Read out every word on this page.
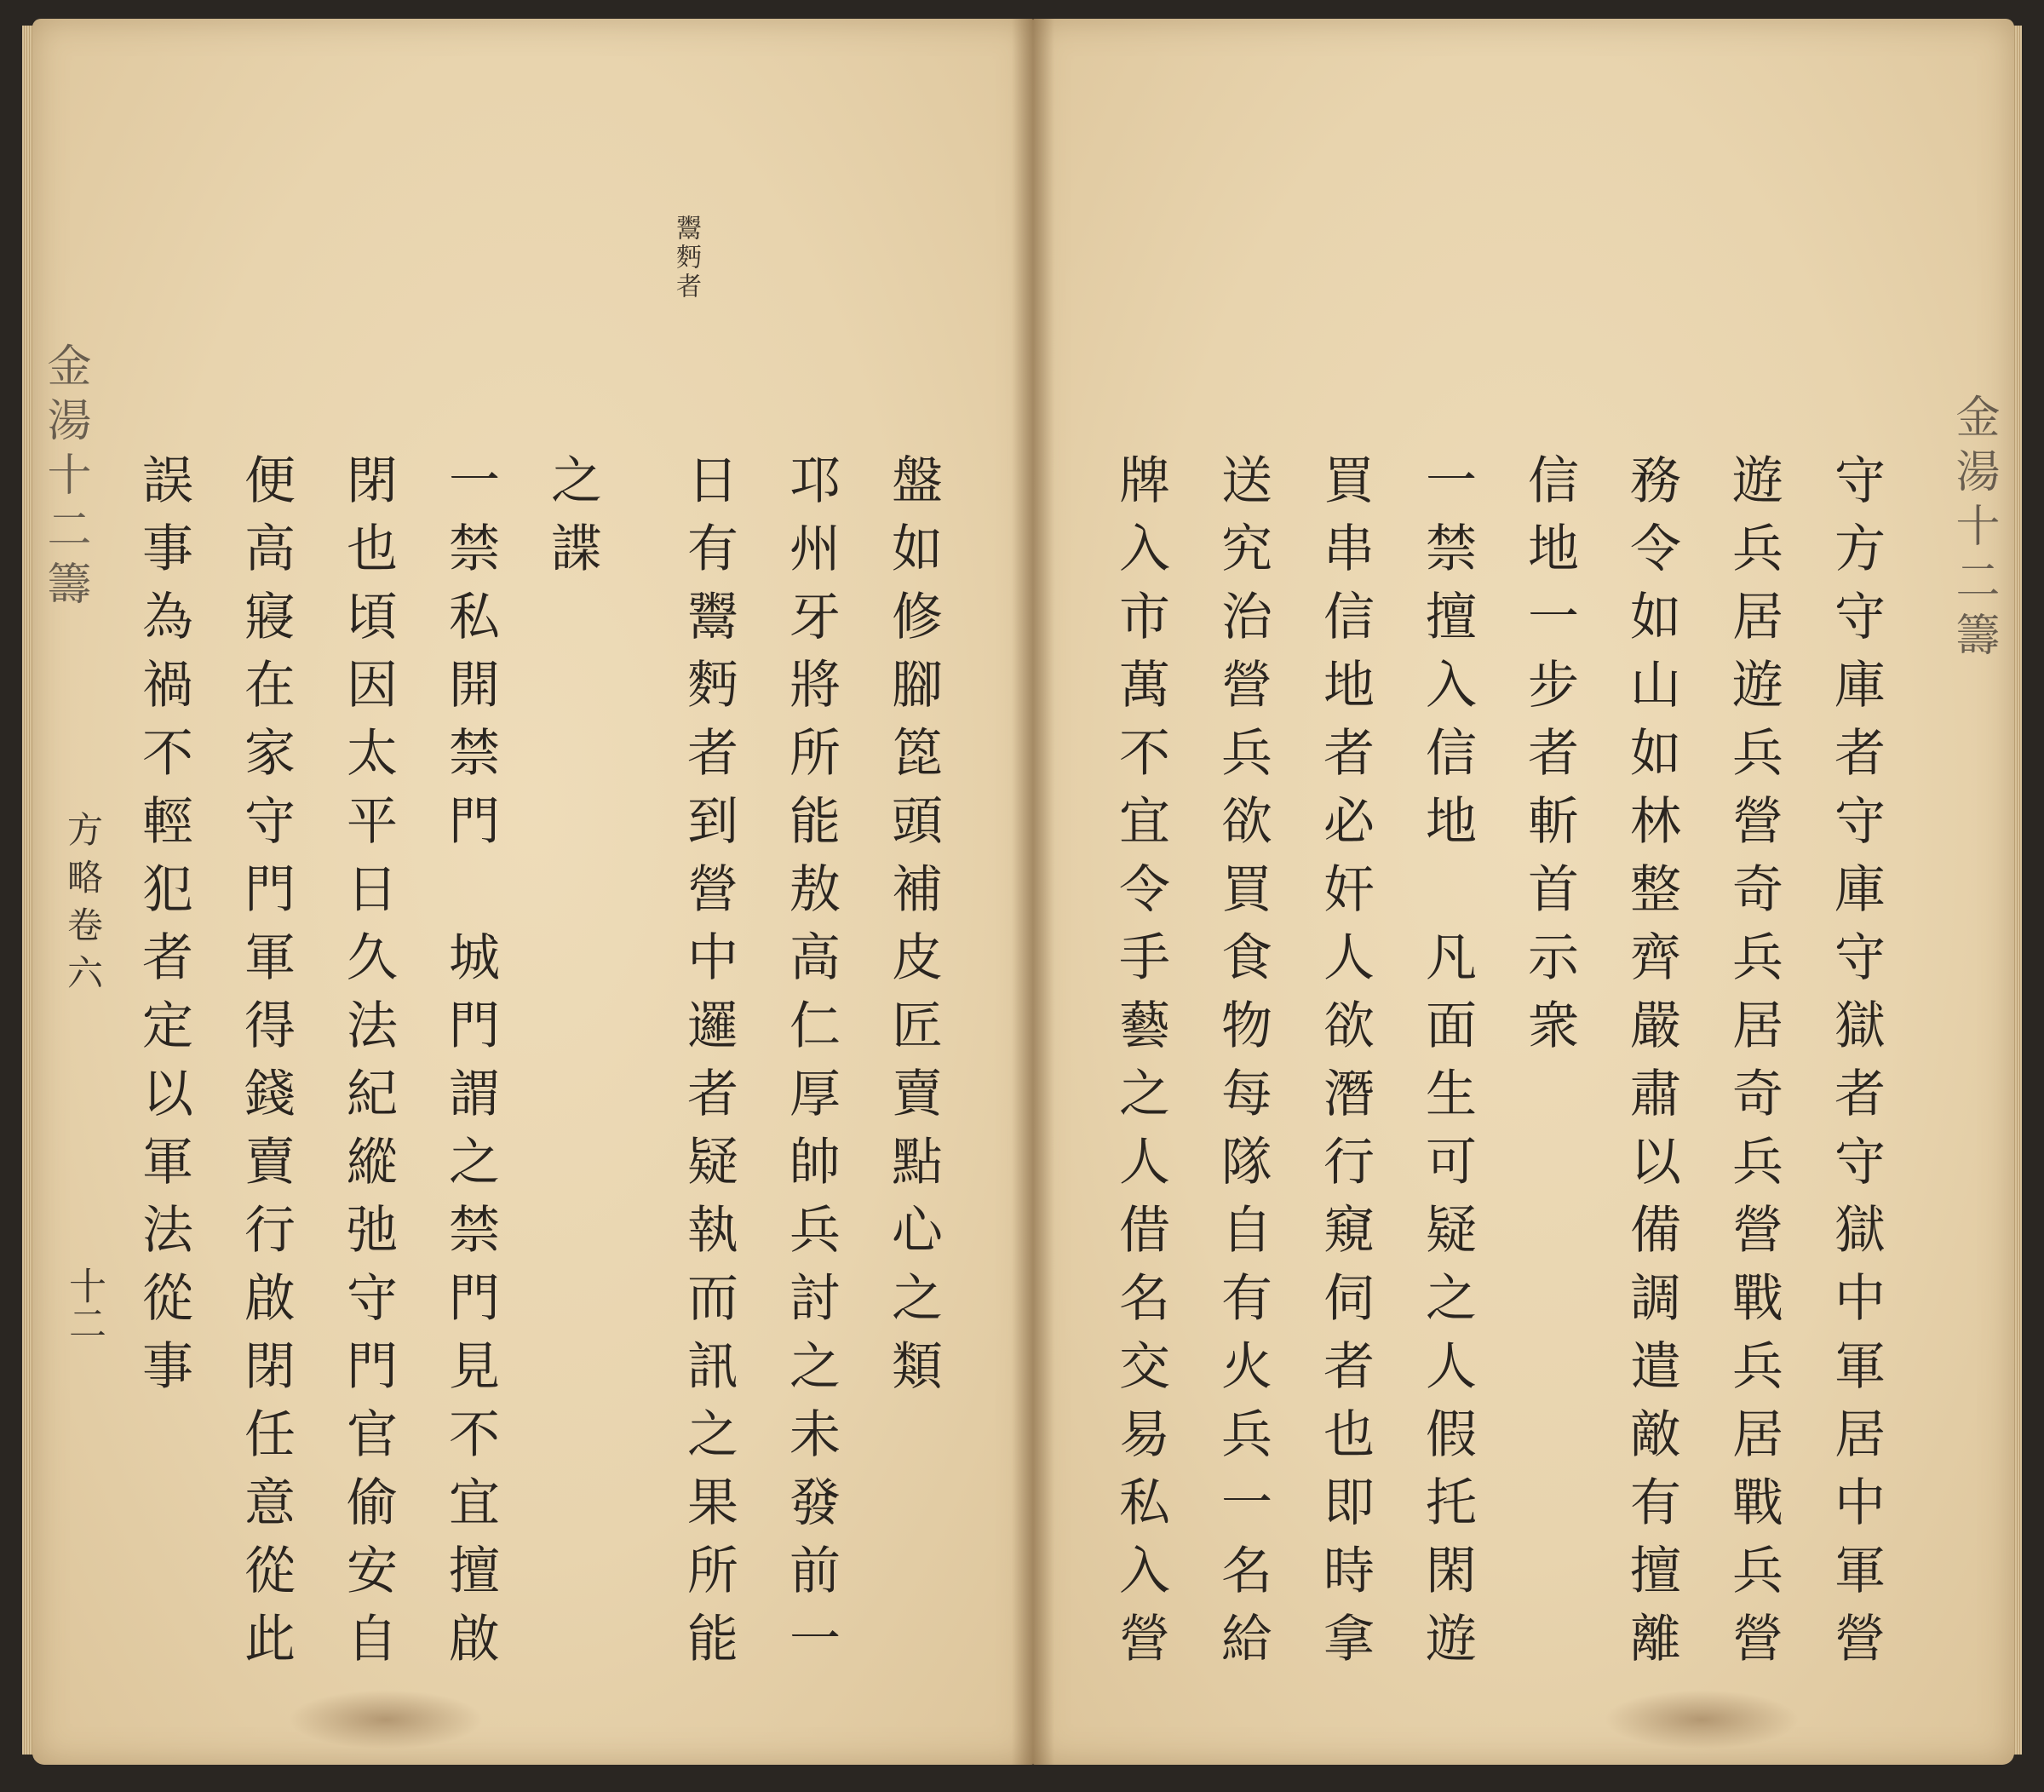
金湯十二籌
方略卷六
十二 誤事為禍不輕犯者定以軍法從事 便高寢在家守門軍得錢賣行啟閉任意從此 閉也頃因太平日久法紀縱弛守門官偷安自 一禁私開禁門　城門謂之禁門見不宜擅啟 之諜 日有鬻麪者到營中邏者疑執而訊之果所能 邛州牙將所能敖高仁厚帥兵討之未發前一 盤如修腳箆頭補皮匠賣點心之類
鬻麪者
金湯十二籌
牌入市萬不宜令手藝之人借名交易私入營 送究治營兵欲買食物每隊自有火兵一名給 買串信地者必奸人欲潛行窺伺者也即時拿 一禁擅入信地　凡面生可疑之人假托閑遊 信地一步者斬首示衆 務令如山如林整齊嚴肅以備調遣敵有擅離 遊兵居遊兵營奇兵居奇兵營戰兵居戰兵營 守方守庫者守庫守獄者守獄中軍居中軍營
